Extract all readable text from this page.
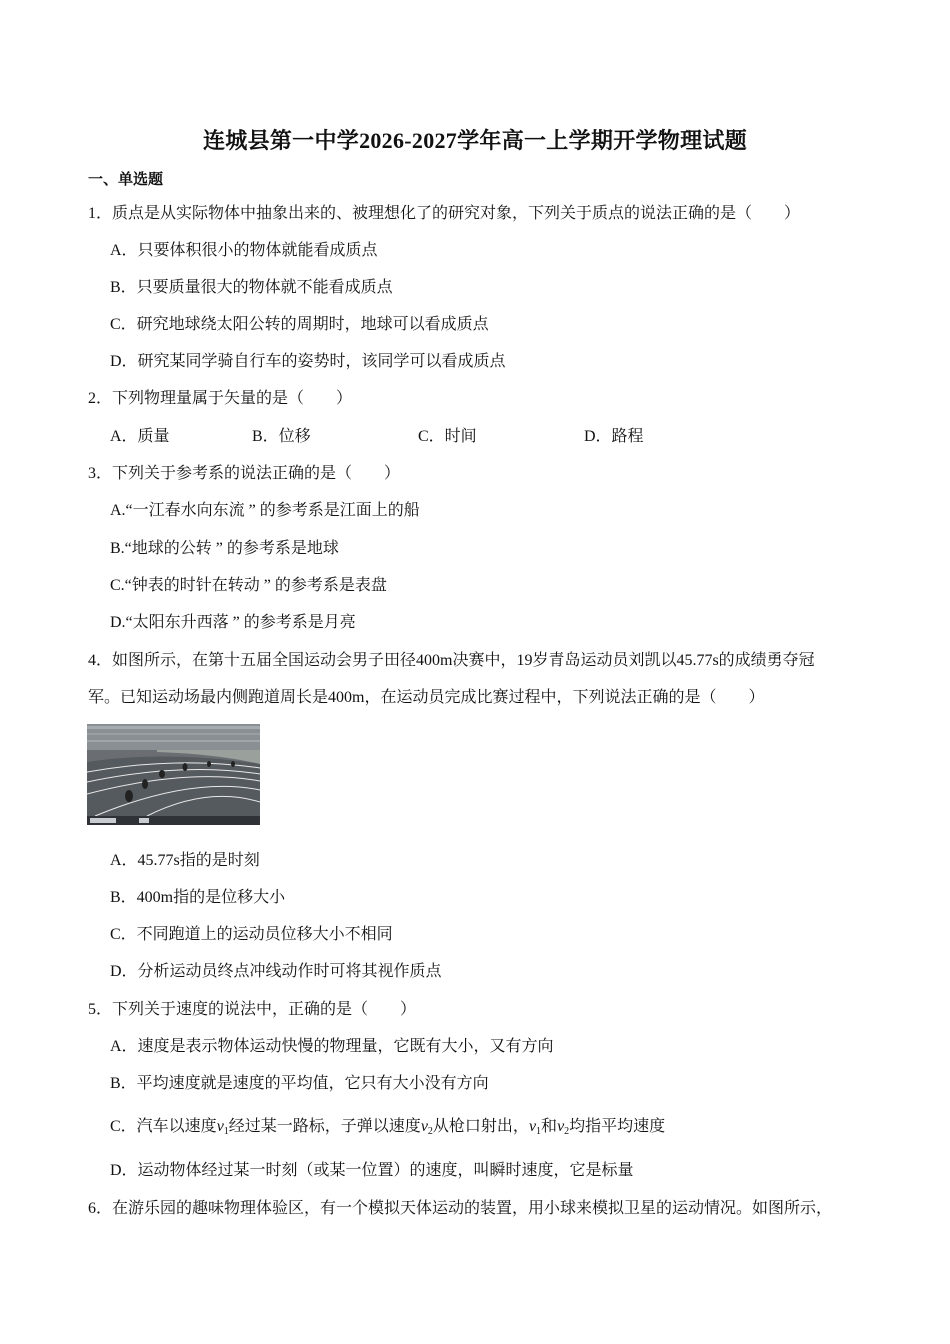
连城县第一中学2026-2027学年高一上学期开学物理试题
一、单选题
1．质点是从实际物体中抽象出来的、被理想化了的研究对象，下列关于质点的说法正确的是（　　）
A．只要体积很小的物体就能看成质点
B．只要质量很大的物体就不能看成质点
C．研究地球绕太阳公转的周期时，地球可以看成质点
D．研究某同学骑自行车的姿势时，该同学可以看成质点
2．下列物理量属于矢量的是（　　）
A．质量	B．位移	C．时间	D．路程
3．下列关于参考系的说法正确的是（　　）
A.“一江春水向东流 ” 的参考系是江面上的船
B.“地球的公转 ” 的参考系是地球
C.“钟表的时针在转动 ” 的参考系是表盘
D.“太阳东升西落 ” 的参考系是月亮
4．如图所示，在第十五届全国运动会男子田径400m决赛中，19岁青岛运动员刘凯以45.77s的成绩勇夺冠
军。已知运动场最内侧跑道周长是400m，在运动员完成比赛过程中，下列说法正确的是（　　）
A．45.77s指的是时刻
B．400m指的是位移大小
C．不同跑道上的运动员位移大小不相同
D．分析运动员终点冲线动作时可将其视作质点
5．下列关于速度的说法中，正确的是（　　）
A．速度是表示物体运动快慢的物理量，它既有大小，又有方向
B．平均速度就是速度的平均值，它只有大小没有方向
C．汽车以速度$v_1$经过某一路标，子弹以速度$v_2$从枪口射出，$v_1$和$v_2$均指平均速度
D．运动物体经过某一时刻（或某一位置）的速度，叫瞬时速度，它是标量
6．在游乐园的趣味物理体验区，有一个模拟天体运动的装置，用小球来模拟卫星的运动情况。如图所示，
